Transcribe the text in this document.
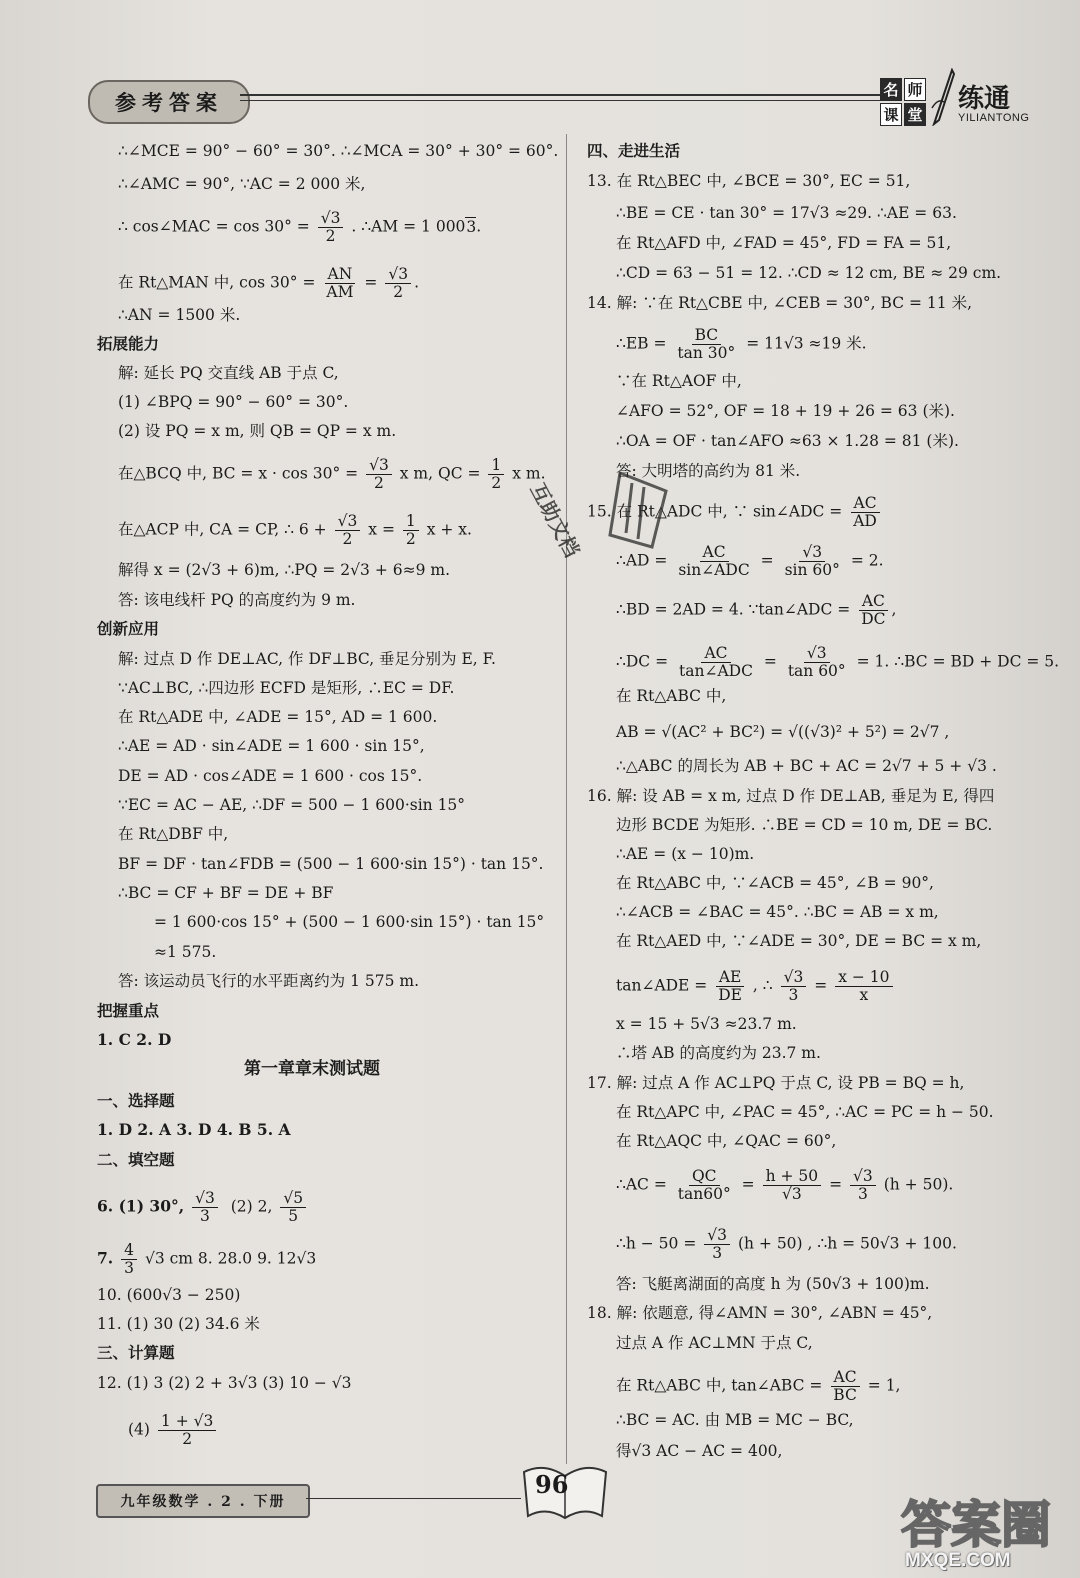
参考答案	名 师
课 堂
练通
YILIANTONG
∴∠MCE = 90° − 60° = 30°. ∴∠MCA = 30° + 30° = 60°.
∴∠AMC = 90°, ∵AC = 2 000 米,
∴ cos∠MAC = $\cos 30^\circ = \frac{√3}{2}$ . ∴AM = 1 0003.
在 Rt△MAN 中, $\cos 30^\circ = \frac{AN}{AM} = \frac{√3}{2}$ .
∴AN = 1500 米.
拓展能力
解: 延长 PQ 交直线 AB 于点 C,
(1) ∠BPQ = 90° − 60° = 30°.
(2) 设 PQ = x m, 则 QB = QP = x m.
在△BCQ 中, BC = $x \cdot \cos 30^\circ = \frac{√3}{2}$ x m, QC = $\frac{1}{2}$ x m.
在△ACP 中, CA = CP, ∴ $6 + \frac{√3}{2}$ $x = \frac{1}{2}$ x + x.
解得 x = (2√3 + 6)m, ∴PQ = 2√3 + 6≈9 m.
答: 该电线杆 PQ 的高度约为 9 m.
创新应用
解: 过点 D 作 DE⊥AC, 作 DF⊥BC, 垂足分别为 E, F.
∵AC⊥BC, ∴四边形 ECFD 是矩形, ∴EC = DF.
在 Rt△ADE 中, ∠ADE = 15°, AD = 1 600.
∴AE = AD · sin∠ADE = 1 600 · sin 15°,
DE = AD · cos∠ADE = 1 600 · cos 15°.
∵EC = AC − AE, ∴DF = 500 − 1 600·sin 15°
在 Rt△DBF 中,
BF = DF · tan∠FDB = (500 − 1 600·sin 15°) · tan 15°.
∴BC = CF + BF = DE + BF
= 1 600·cos 15° + (500 − 1 600·sin 15°) · tan 15°
≈1 575.
答: 该运动员飞行的水平距离约为 1 575 m.
把握重点
1. C 2. D
第一章章末测试题
一、选择题
1. D 2. A 3. D 4. B 5. A
二、填空题
6. (1) 30°, $\frac{√3}{3} (2)$ 2, $\frac{√5}{5}$
7. $\frac{4}{3} √3$ cm 8. 28.0 9. 12√3
10. (600√3 − 250)
11. (1) 30 (2) 34.6 米
三、计算题
12. (1) 3 (2) 2 + 3√3 (3) 10 − √3
$(4) \frac{1 + √3}{2}$
四、走进生活
13. 在 Rt△BEC 中, ∠BCE = 30°, EC = 51,
∴BE = CE · tan 30° = 17√3 ≈29. ∴AE = 63.
在 Rt△AFD 中, ∠FAD = 45°, FD = FA = 51,
∴CD = 63 − 51 = 12. ∴CD ≈ 12 cm, BE ≈ 29 cm.
14. 解: ∵在 Rt△CBE 中, ∠CEB = 30°, BC = 11 米,
∴EB = $\frac{BC}{\tan 30^\circ} = 11√3 \approx 19$ 米.
∵在 Rt△AOF 中,
∠AFO = 52°, OF = 18 + 19 + 26 = 63 (米).
∴OA = OF · tan∠AFO ≈63 × 1.28 = 81 (米).
答: 大明塔的高约为 81 米.
15. 在 Rt△ADC 中, ∵ sin∠ADC = $\frac{AC}{AD}$
∴AD = $\frac{AC}{\text{sin∠ADC}} = \frac{√3}{\sin 60^\circ} = 2$.
∴BD = 2AD = 4. ∵tan∠ADC = $\frac{AC}{DC}$ ,
∴DC = $\frac{AC}{\text{tan∠ADC}} = \frac{√3}{\tan 60^\circ} = 1$. ∴BC = BD + DC = 5.
在 Rt△ABC 中,
AB = √(AC² + BC²) = √((√3)² + 5²) = 2√7 ,
∴△ABC 的周长为 AB + BC + AC = 2√7 + 5 + √3 .
16. 解: 设 AB = x m, 过点 D 作 DE⊥AB, 垂足为 E, 得四
边形 BCDE 为矩形. ∴BE = CD = 10 m, DE = BC.
∴AE = (x − 10)m.
在 Rt△ABC 中, ∵∠ACB = 45°, ∠B = 90°,
∴∠ACB = ∠BAC = 45°. ∴BC = AB = x m,
在 Rt△AED 中, ∵∠ADE = 30°, DE = BC = x m,
tan∠ADE = $\frac{AE}{DE}$ , ∴ $\frac{√3}{3} = \frac{x - 10}{x}$
x = 15 + 5√3 ≈23.7 m.
∴塔 AB 的高度约为 23.7 m.
17. 解: 过点 A 作 AC⊥PQ 于点 C, 设 PB = BQ = h,
在 Rt△APC 中, ∠PAC = 45°, ∴AC = PC = h − 50.
在 Rt△AQC 中, ∠QAC = 60°,
∴AC = $\frac{QC}{\tan 60^\circ} = \frac{h + 50}{√3} = \frac{√3}{3} (h + 50)$.
∴h − $50 = \frac{√3}{3} (h + 50)$ , ∴h = 50√3 + 100.
答: 飞艇离湖面的高度 h 为 (50√3 + 100)m.
18. 解: 依题意, 得∠AMN = 30°, ∠ABN = 45°,
过点 A 作 AC⊥MN 于点 C,
在 Rt△ABC 中, tan∠ABC = $\frac{AC}{BC} = 1$,
∴BC = AC. 由 MB = MC − BC,
得√3 AC − AC = 400,
互助文档
九年级数学 . 2 . 下册
96
答案圈
MXQE.COM
